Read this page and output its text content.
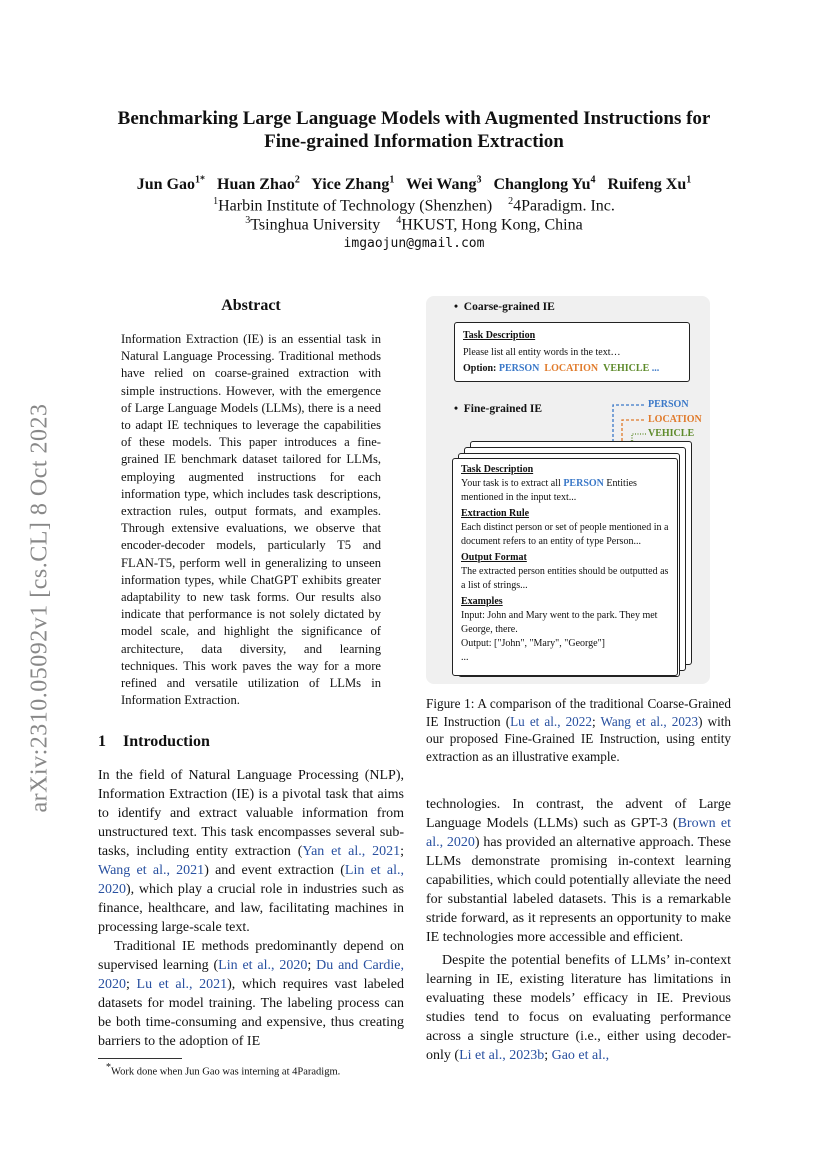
Benchmarking Large Language Models with Augmented Instructions for
Fine-grained Information Extraction
Jun Gao$^{1*}$ Huan Zhao$^2$ Yice Zhang$^1$ Wei Wang$^3$ Changlong Yu$^4$ Ruifeng Xu$^1$
$^1$Harbin Institute of Technology (Shenzhen) $^2$4Paradigm. Inc.
$^3$Tsinghua University $^4$HKUST, Hong Kong, China
imgaojun@gmail.com
arXiv:2310.05092v1 [cs.CL] 8 Oct 2023
Abstract
Information Extraction (IE) is an essential task in Natural Language Processing. Traditional methods have relied on coarse-grained extraction with simple instructions. However, with the emergence of Large Language Models (LLMs), there is a need to adapt IE techniques to leverage the capabilities of these models. This paper introduces a fine-grained IE benchmark dataset tailored for LLMs, employing augmented instructions for each information type, which includes task descriptions, extraction rules, output formats, and examples. Through extensive evaluations, we observe that encoder-decoder models, particularly T5 and FLAN-T5, perform well in generalizing to unseen information types, while ChatGPT exhibits greater adaptability to new task forms. Our results also indicate that performance is not solely dictated by model scale, and highlight the significance of architecture, data diversity, and learning techniques. This work paves the way for a more refined and versatile utilization of LLMs in Information Extraction.
1 Introduction

In the field of Natural Language Processing (NLP), Information Extraction (IE) is a pivotal task that aims to identify and extract valuable information from unstructured text. This task encompasses several sub-tasks, including entity extraction (Yan et al., 2021; Wang et al., 2021) and event extraction (Lin et al., 2020), which play a crucial role in industries such as finance, healthcare, and law, facilitating machines in processing large-scale text.

Traditional IE methods predominantly depend on supervised learning (Lin et al., 2020; Du and Cardie, 2020; Lu et al., 2021), which requires vast labeled datasets for model training. The labeling process can be both time-consuming and expensive, thus creating barriers to the adoption of IE

*Work done when Jun Gao was interning at 4Paradigm.
• Coarse-grained IE
Task Description
Please list all entity words in the text…
Option: PERSON LOCATION VEHICLE ...
• Fine-grained IE	PERSON
LOCATION
VEHICLE
Task Description
Your task is to extract all PERSON Entities mentioned in the input text...
Extraction Rule
Each distinct person or set of people mentioned in a document refers to an entity of type Person...
Output Format
The extracted person entities should be outputted as a list of strings...
Examples
Input: John and Mary went to the park. They met George, there.
Output: ["John", "Mary", "George"]
...
Figure 1: A comparison of the traditional Coarse-Grained IE Instruction (Lu et al., 2022; Wang et al., 2023) with our proposed Fine-Grained IE Instruction, using entity extraction as an illustrative example.

technologies. In contrast, the advent of Large Language Models (LLMs) such as GPT-3 (Brown et al., 2020) has provided an alternative approach. These LLMs demonstrate promising in-context learning capabilities, which could potentially alleviate the need for substantial labeled datasets. This is a remarkable stride forward, as it represents an opportunity to make IE technologies more accessible and efficient.

Despite the potential benefits of LLMs’ in-context learning in IE, existing literature has limitations in evaluating these models’ efficacy in IE. Previous studies tend to focus on evaluating performance across a single structure (i.e., either using decoder-only (Li et al., 2023b; Gao et al.,
